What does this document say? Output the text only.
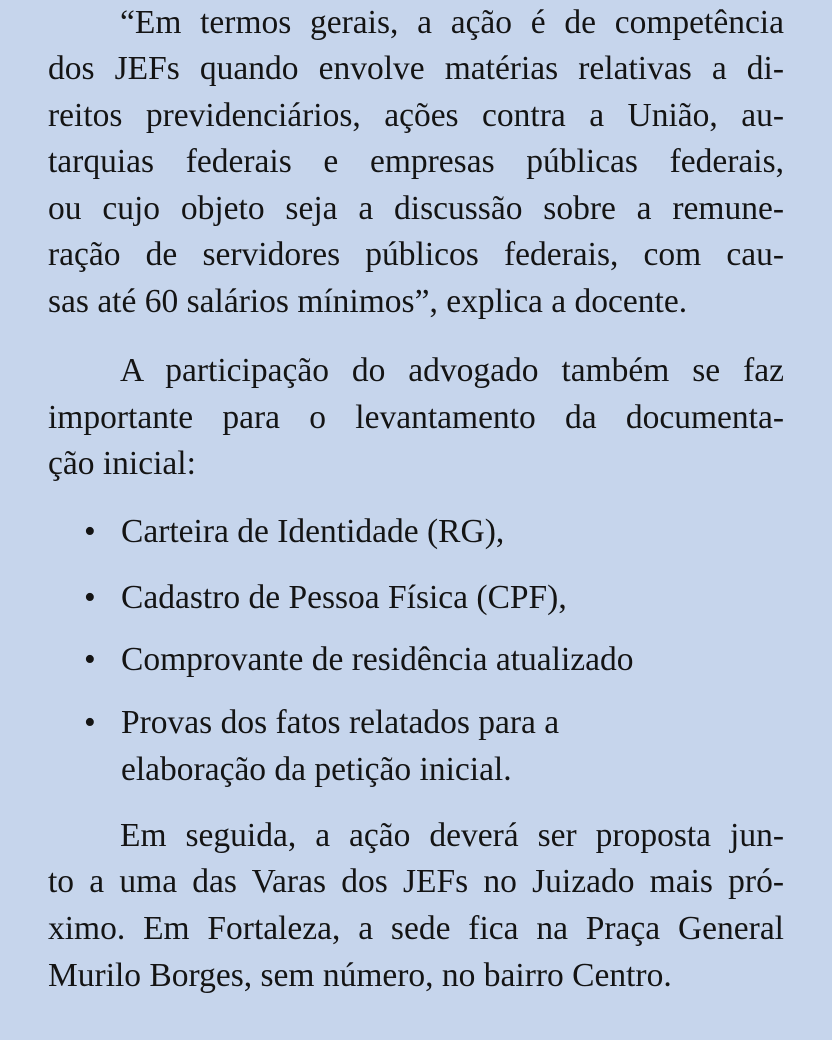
“Em termos gerais, a ação é de competência
dos JEFs quando envolve matérias relativas a di-
reitos previdenciários, ações contra a União, au-
tarquias federais e empresas públicas federais,
ou cujo objeto seja a discussão sobre a remune-
ração de servidores públicos federais, com cau-
sas até 60 salários mínimos”, explica a docente.
A participação do advogado também se faz
importante para o levantamento da documenta-
ção inicial:
• Carteira de Identidade (RG),
• Cadastro de Pessoa Física (CPF),
• Comprovante de residência atualizado
• Provas dos fatos relatados para a
elaboração da petição inicial.
Em seguida, a ação deverá ser proposta jun-
to a uma das Varas dos JEFs no Juizado mais pró-
ximo. Em Fortaleza, a sede fica na Praça General
Murilo Borges, sem número, no bairro Centro.
